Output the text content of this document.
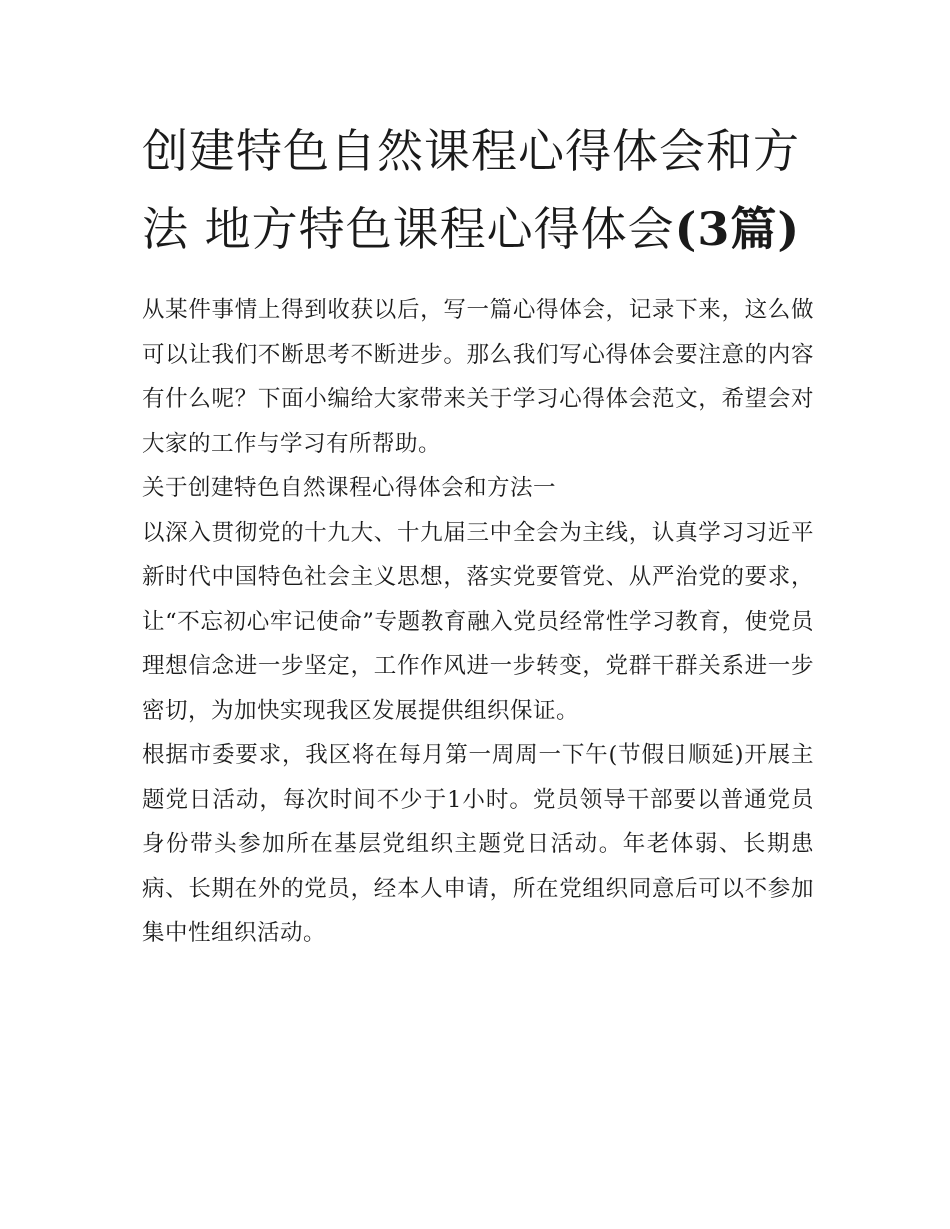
创建特色自然课程心得体会和方法 地方特色课程心得体会(3篇)

从某件事情上得到收获以后，写一篇心得体会，记录下来，这么做可以让我们不断思考不断进步。那么我们写心得体会要注意的内容有什么呢？下面小编给大家带来关于学习心得体会范文，希望会对大家的工作与学习有所帮助。

关于创建特色自然课程心得体会和方法一

以深入贯彻党的十九大、十九届三中全会为主线，认真学习习近平新时代中国特色社会主义思想，落实党要管党、从严治党的要求，让“不忘初心牢记使命”专题教育融入党员经常性学习教育，使党员理想信念进一步坚定，工作作风进一步转变，党群干群关系进一步密切，为加快实现我区发展提供组织保证。

根据市委要求，我区将在每月第一周周一下午(节假日顺延)开展主题党日活动，每次时间不少于1小时。党员领导干部要以普通党员身份带头参加所在基层党组织主题党日活动。年老体弱、长期患病、长期在外的党员，经本人申请，所在党组织同意后可以不参加集中性组织活动。
